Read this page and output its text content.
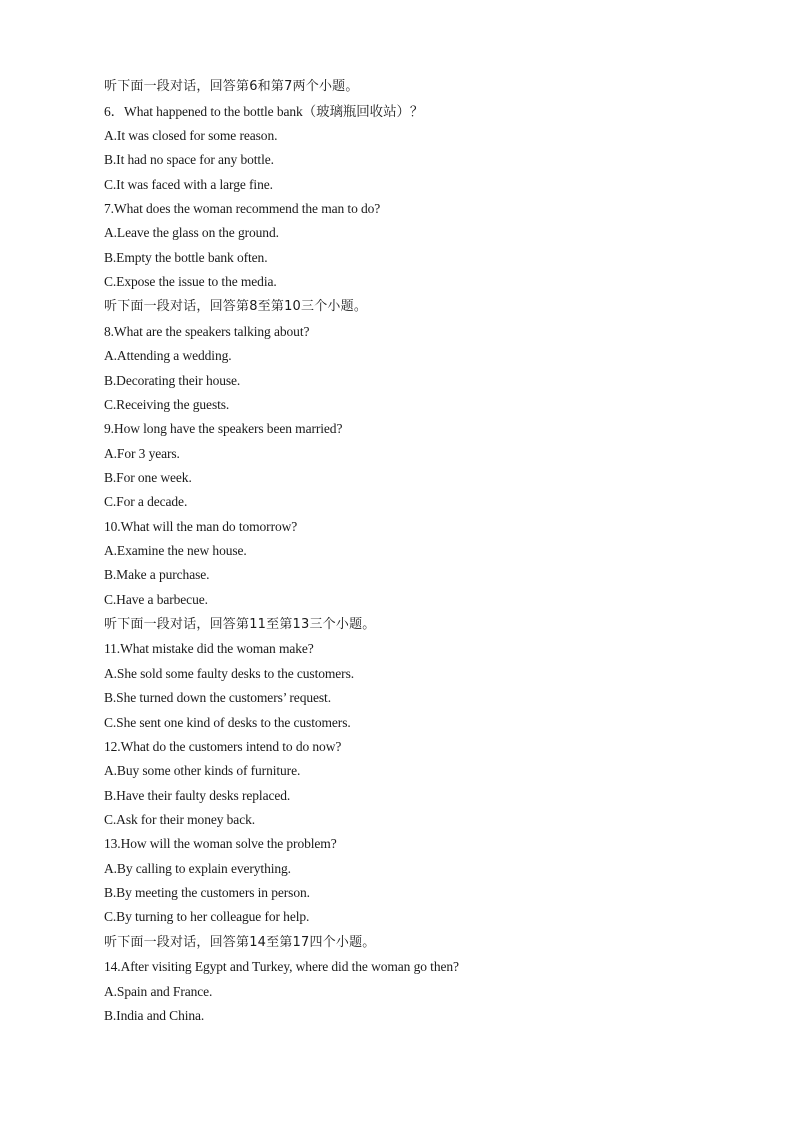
听下面一段对话，回答第6和第7两个小题。
6．What happened to the bottle bank（玻璃瓶回收站）？
A.It was closed for some reason.
B.It had no space for any bottle.
C.It was faced with a large fine.
7.What does the woman recommend the man to do?
A.Leave the glass on the ground.
B.Empty the bottle bank often.
C.Expose the issue to the media.
听下面一段对话，回答第8至第10三个小题。
8.What are the speakers talking about?
A.Attending a wedding.
B.Decorating their house.
C.Receiving the guests.
9.How long have the speakers been married?
A.For 3 years.
B.For one week.
C.For a decade.
10.What will the man do tomorrow?
A.Examine the new house.
B.Make a purchase.
C.Have a barbecue.
听下面一段对话，回答第11至第13三个小题。
11.What mistake did the woman make?
A.She sold some faulty desks to the customers.
B.She turned down the customers’ request.
C.She sent one kind of desks to the customers.
12.What do the customers intend to do now?
A.Buy some other kinds of furniture.
B.Have their faulty desks replaced.
C.Ask for their money back.
13.How will the woman solve the problem?
A.By calling to explain everything.
B.By meeting the customers in person.
C.By turning to her colleague for help.
听下面一段对话，回答第14至第17四个小题。
14.After visiting Egypt and Turkey, where did the woman go then?
A.Spain and France.
B.India and China.
